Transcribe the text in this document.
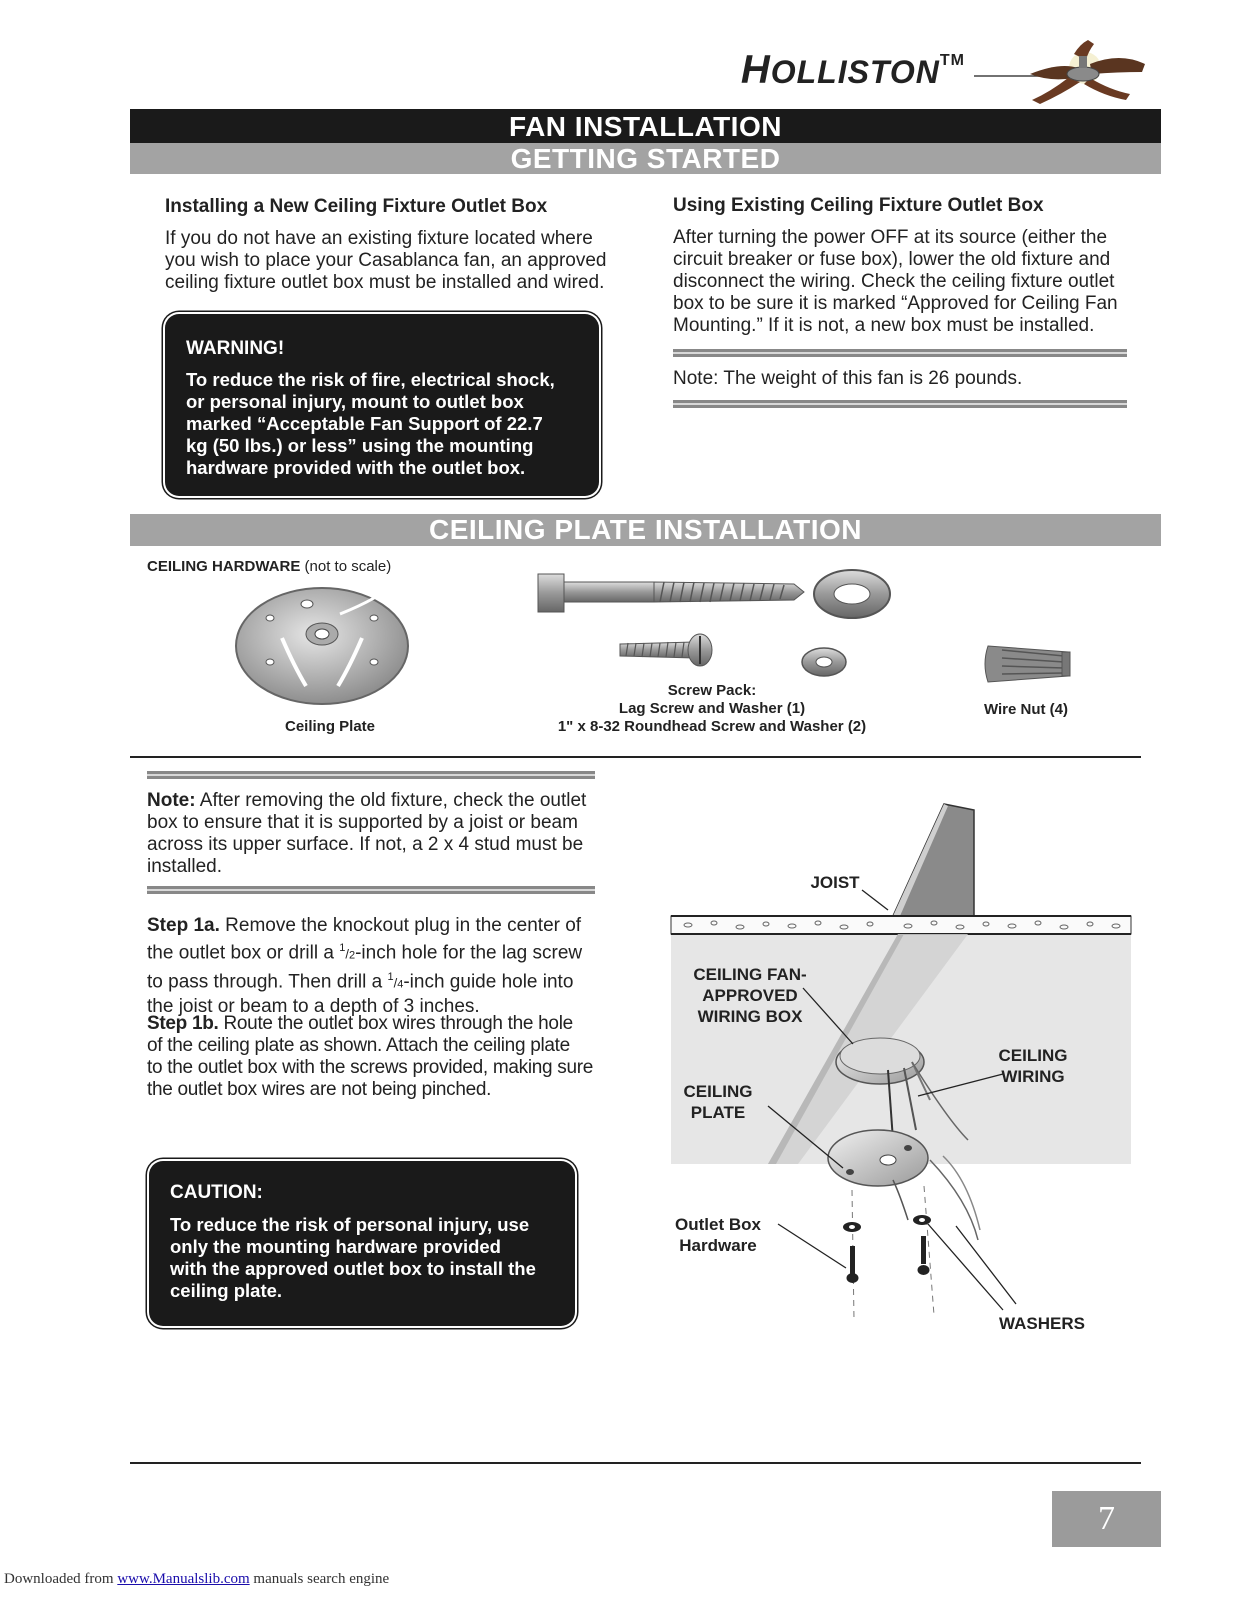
HOLLISTON™
FAN INSTALLATION
GETTING STARTED
Installing a New Ceiling Fixture Outlet Box
If you do not have an existing fixture located where
you wish to place your Casablanca fan, an approved
ceiling fixture outlet box must be installed and wired.
WARNING!
To reduce the risk of fire, electrical shock,
or personal injury, mount to outlet box
marked “Acceptable Fan Support of 22.7
kg (50 lbs.) or less” using the mounting
hardware provided with the outlet box.
Using Existing Ceiling Fixture Outlet Box
After turning the power OFF at its source (either the
circuit breaker or fuse box), lower the old fixture and
disconnect the wiring. Check the ceiling fixture outlet
box to be sure it is marked “Approved for Ceiling Fan
Mounting.” If it is not, a new box must be installed.
Note: The weight of this fan is 26 pounds.
CEILING PLATE INSTALLATION
CEILING HARDWARE (not to scale)
Ceiling Plate
Screw Pack:
Lag Screw and Washer (1)
1" x 8-32 Roundhead Screw and Washer (2)
Wire Nut (4)
Note: After removing the old fixture, check the outlet
box to ensure that it is supported by a joist or beam
across its upper surface. If not, a 2 x 4 stud must be
installed.
Step 1a. Remove the knockout plug in the center of
the outlet box or drill a $^1$/2-inch hole for the lag screw
to pass through. Then drill a $^1$/4-inch guide hole into
the joist or beam to a depth of 3 inches.
Step 1b. Route the outlet box wires through the hole
of the ceiling plate as shown. Attach the ceiling plate
to the outlet box with the screws provided, making sure
the outlet box wires are not being pinched.
CAUTION:
To reduce the risk of personal injury, use
only the mounting hardware provided
with the approved outlet box to install the
ceiling plate.
JOIST
CEILING FAN-
APPROVED
WIRING BOX
CEILING
WIRING
CEILING
PLATE
Outlet Box
Hardware
WASHERS
7
Downloaded from www.Manualslib.com manuals search engine
